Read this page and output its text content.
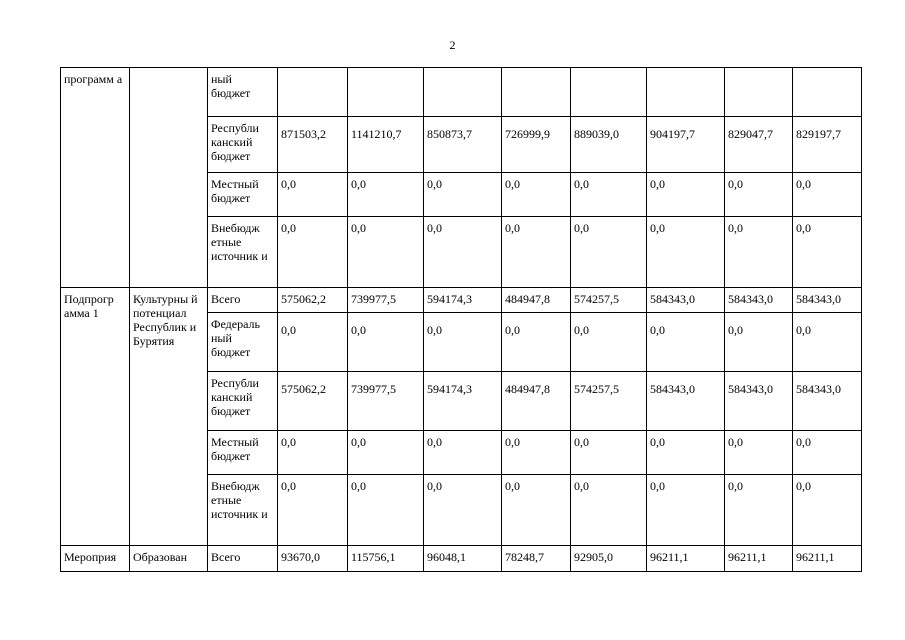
2
программ а		ный бюджет								
		Республи канский бюджет	871503,2	1141210,7	850873,7	726999,9	889039,0	904197,7	829047,7	829197,7
		Местный бюджет	0,0	0,0	0,0	0,0	0,0	0,0	0,0	0,0
		Внебюдж етные источник и	0,0	0,0	0,0	0,0	0,0	0,0	0,0	0,0
Подпрогр амма 1	Культурны й потенциал Республик и Бурятия	Всего	575062,2	739977,5	594174,3	484947,8	574257,5	584343,0	584343,0	584343,0
		Федераль ный бюджет	0,0	0,0	0,0	0,0	0,0	0,0	0,0	0,0
		Республи канский бюджет	575062,2	739977,5	594174,3	484947,8	574257,5	584343,0	584343,0	584343,0
		Местный бюджет	0,0	0,0	0,0	0,0	0,0	0,0	0,0	0,0
		Внебюдж етные источник и	0,0	0,0	0,0	0,0	0,0	0,0	0,0	0,0
Мероприя	Образован	Всего	93670,0	115756,1	96048,1	78248,7	92905,0	96211,1	96211,1	96211,1
